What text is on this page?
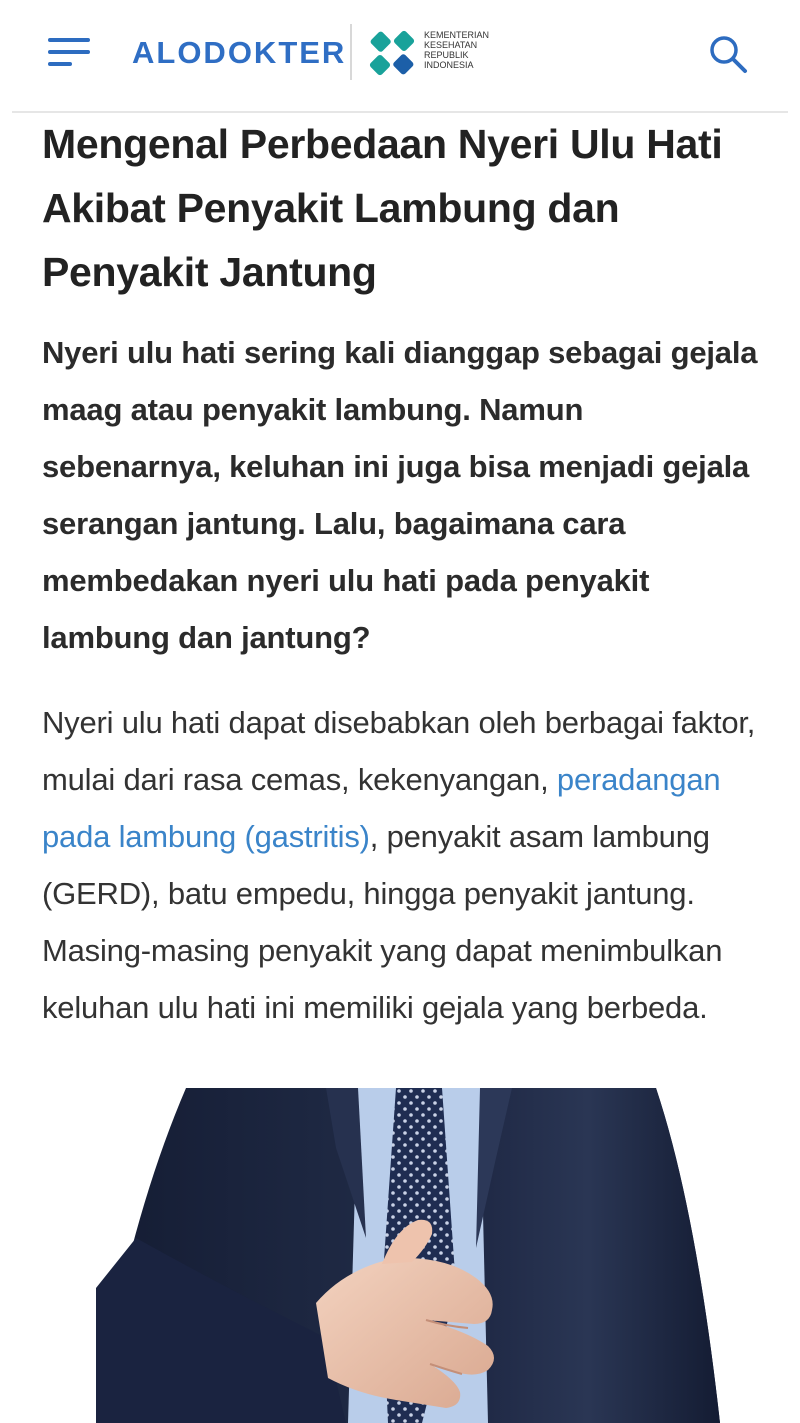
ALODOKTER	KEMENTERIAN
KESEHATAN
REPUBLIK
INDONESIA
Mengenal Perbedaan Nyeri Ulu Hati Akibat Penyakit Lambung dan Penyakit Jantung

Nyeri ulu hati sering kali dianggap sebagai gejala maag atau penyakit lambung. Namun sebenarnya, keluhan ini juga bisa menjadi gejala serangan jantung. Lalu, bagaimana cara membedakan nyeri ulu hati pada penyakit lambung dan jantung?

Nyeri ulu hati dapat disebabkan oleh berbagai faktor, mulai dari rasa cemas, kekenyangan, peradangan pada lambung (gastritis), penyakit asam lambung (GERD), batu empedu, hingga penyakit jantung. Masing-masing penyakit yang dapat menimbulkan keluhan ulu hati ini memiliki gejala yang berbeda.
